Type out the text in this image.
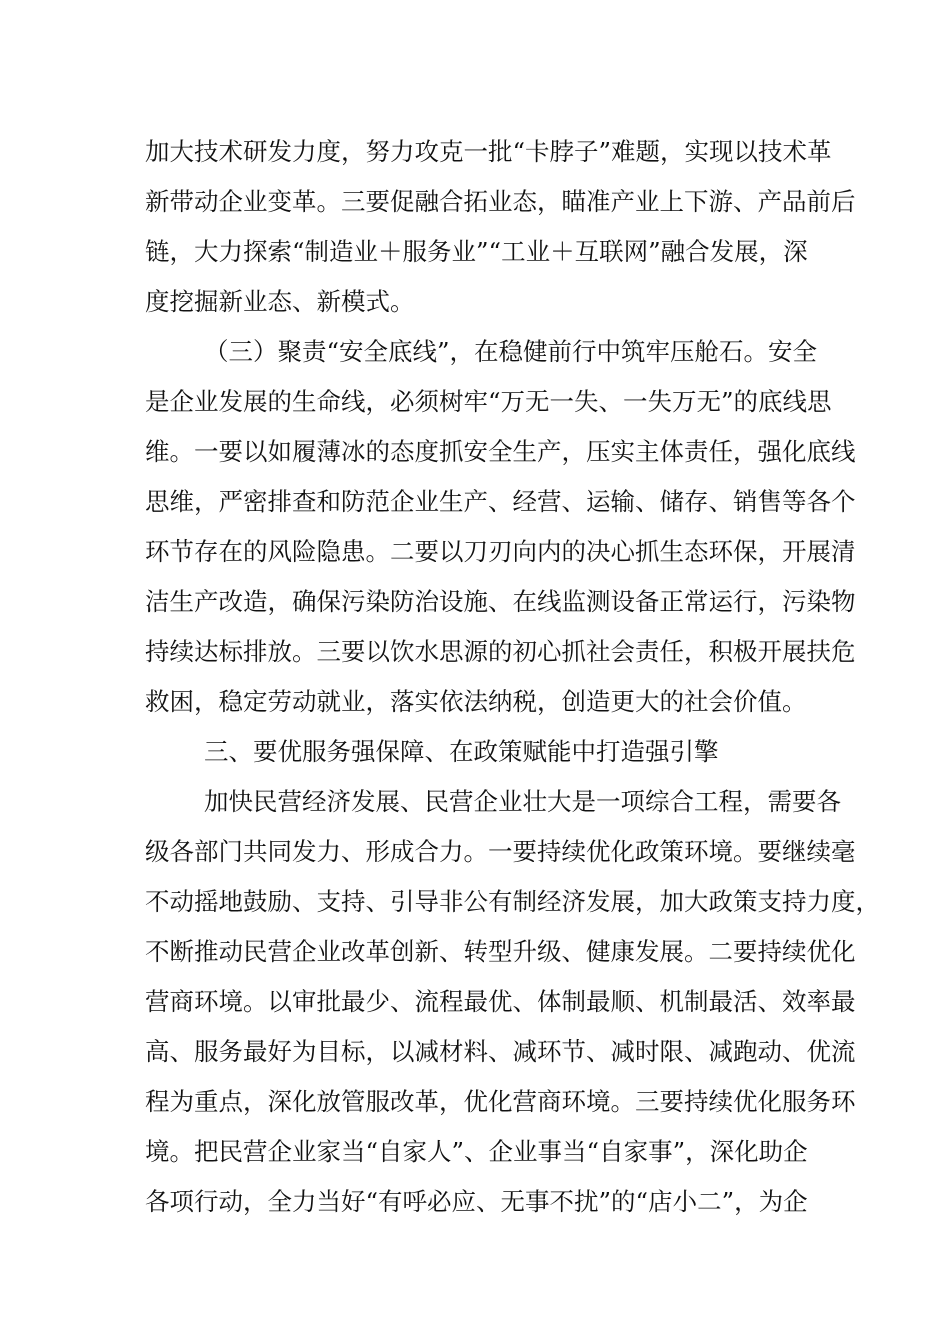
加大技术研发力度，努力攻克一批“卡脖子”难题，实现以技术革

新带动企业变革。三要促融合拓业态，瞄准产业上下游、产品前后

链，大力探索“制造业＋服务业”“工业＋互联网”融合发展，深

度挖掘新业态、新模式。

（三）聚责“安全底线”，在稳健前行中筑牢压舱石。安全

是企业发展的生命线，必须树牢“万无一失、一失万无”的底线思

维。一要以如履薄冰的态度抓安全生产，压实主体责任，强化底线

思维，严密排查和防范企业生产、经营、运输、储存、销售等各个

环节存在的风险隐患。二要以刀刃向内的决心抓生态环保，开展清

洁生产改造，确保污染防治设施、在线监测设备正常运行，污染物

持续达标排放。三要以饮水思源的初心抓社会责任，积极开展扶危

救困，稳定劳动就业，落实依法纳税，创造更大的社会价值。

三、要优服务强保障、在政策赋能中打造强引擎

加快民营经济发展、民营企业壮大是一项综合工程，需要各

级各部门共同发力、形成合力。一要持续优化政策环境。要继续毫

不动摇地鼓励、支持、引导非公有制经济发展，加大政策支持力度，

不断推动民营企业改革创新、转型升级、健康发展。二要持续优化

营商环境。以审批最少、流程最优、体制最顺、机制最活、效率最

高、服务最好为目标，以减材料、减环节、减时限、减跑动、优流

程为重点，深化放管服改革，优化营商环境。三要持续优化服务环

境。把民营企业家当“自家人”、企业事当“自家事”，深化助企

各项行动，全力当好“有呼必应、无事不扰”的“店小二”，为企
